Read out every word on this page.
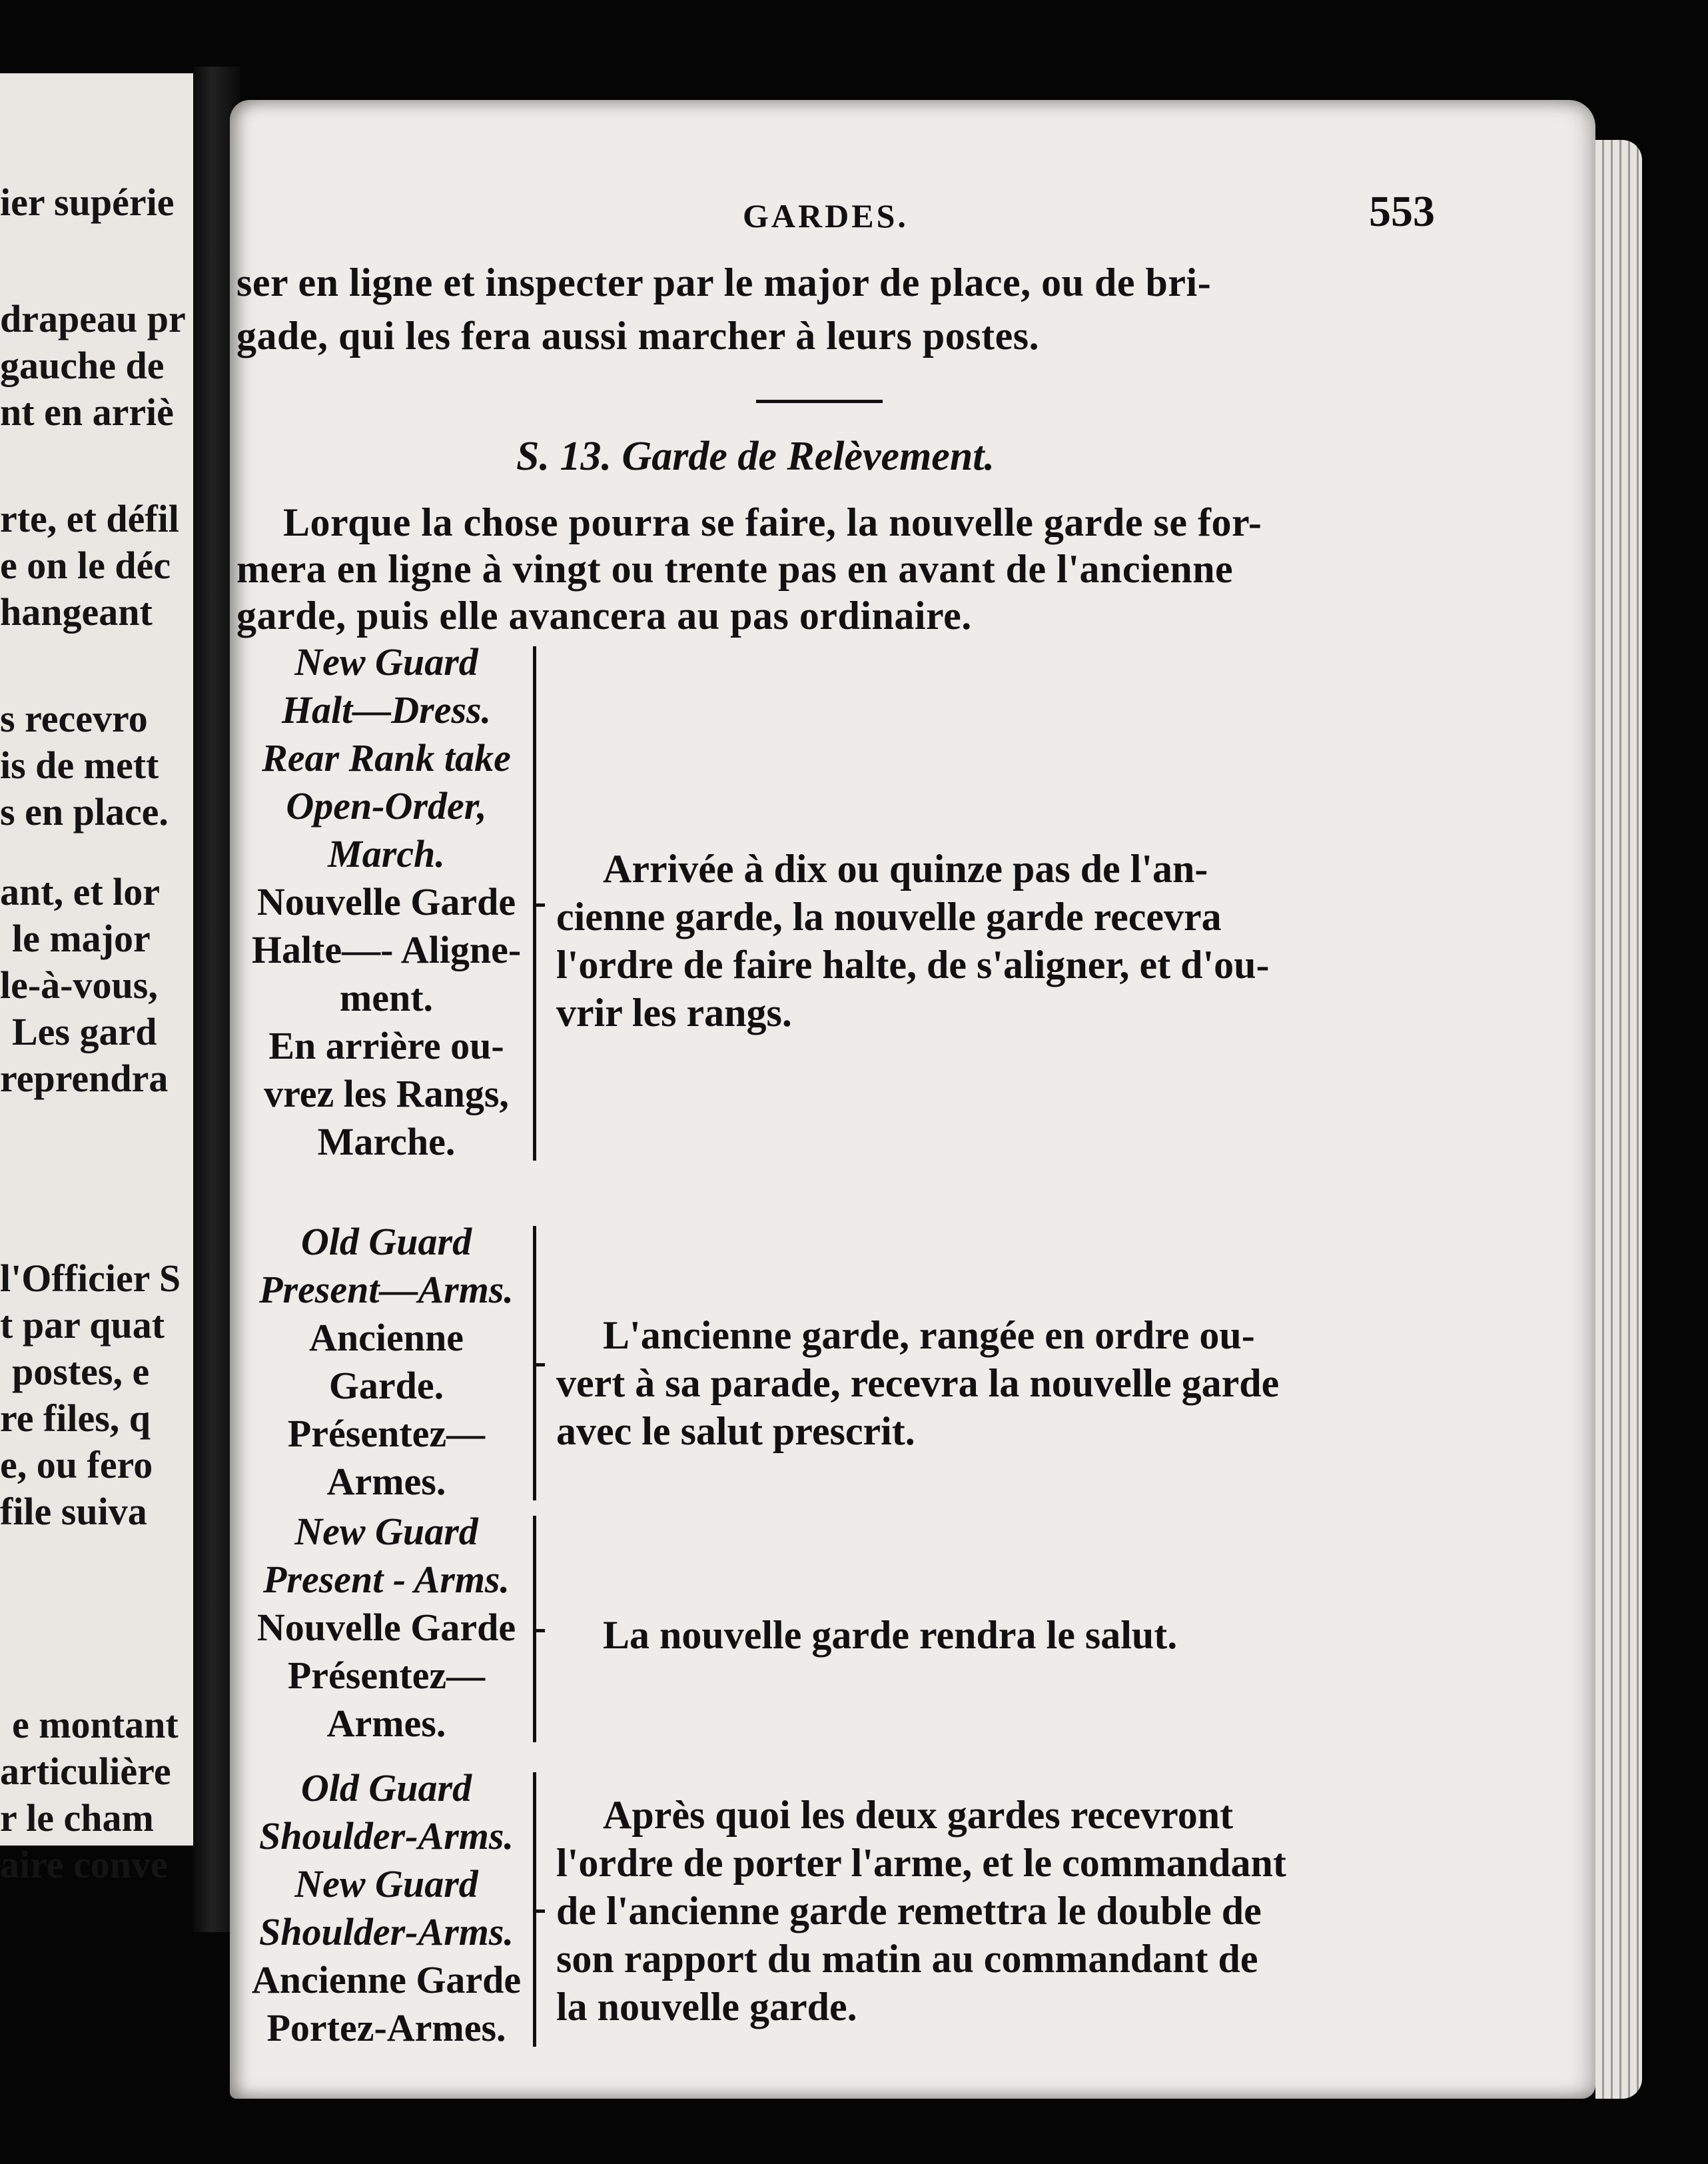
ier supérie
drapeau pr
gauche de
nt en arriè
rte, et défil
e on le déc
hangeant
s recevro
is de mett
s en place.
ant, et lor
le major
le-à-vous,
Les gard
reprendra
l'Officier S
t par quat
postes, e
re files, q
e, ou fero
file suiva
e montant
articulière
r le cham
aire conve
GARDES.	553
ser en ligne et inspecter par le major de place, ou de bri-
gade, qui les fera aussi marcher à leurs postes.
S. 13. Garde de Relèvement.
Lorque la chose pourra se faire, la nouvelle garde se for-
mera en ligne à vingt ou trente pas en avant de l'ancienne
garde, puis elle avancera au pas ordinaire.
New Guard
Halt—Dress.
Rear Rank take
Open-Order,
March.
Nouvelle Garde
Halte—- Aligne-
ment.
En arrière ou-
vrez les Rangs,
Marche.
Arrivée à dix ou quinze pas de l'an-
cienne garde, la nouvelle garde recevra
l'ordre de faire halte, de s'aligner, et d'ou-
vrir les rangs.
Old Guard
Present—Arms.
Ancienne
Garde.
Présentez—
Armes.
L'ancienne garde, rangée en ordre ou-
vert à sa parade, recevra la nouvelle garde
avec le salut prescrit.
New Guard
Present - Arms.
Nouvelle Garde
Présentez—
Armes.
La nouvelle garde rendra le salut.
Old Guard
Shoulder-Arms.
New Guard
Shoulder-Arms.
Ancienne Garde
Portez-Armes.
Après quoi les deux gardes recevront
l'ordre de porter l'arme, et le commandant
de l'ancienne garde remettra le double de
son rapport du matin au commandant de
la nouvelle garde.
